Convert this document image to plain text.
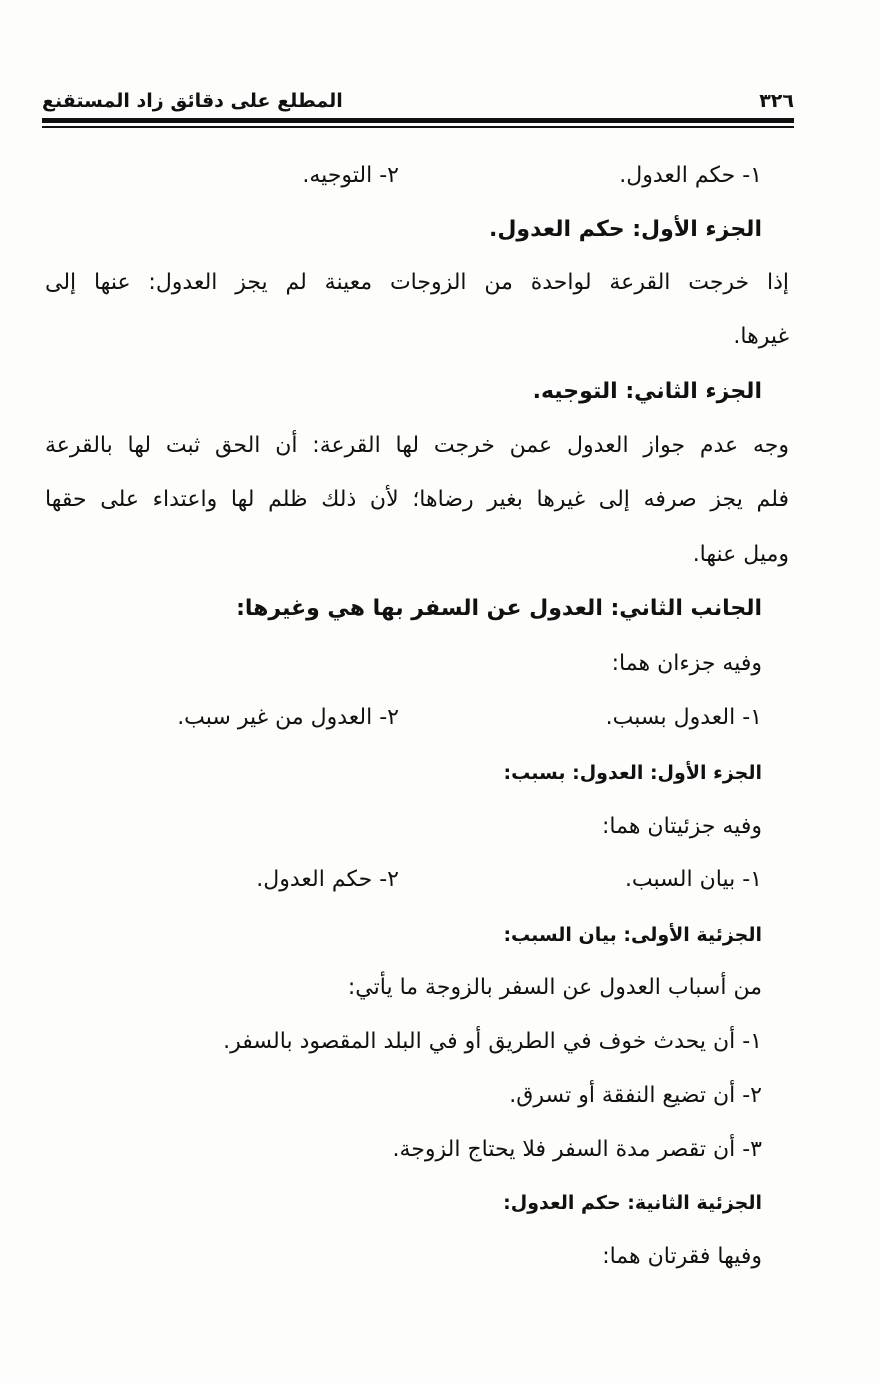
٣٢٦
المطلع على دقائق زاد المستقنع
١- حكم العدول.
٢- التوجيه.
الجزء الأول: حكم العدول.
إذا خرجت القرعة لواحدة من الزوجات معينة لم يجز العدول: عنها إلى
غيرها.
الجزء الثاني: التوجيه.
وجه عدم جواز العدول عمن خرجت لها القرعة: أن الحق ثبت لها بالقرعة
فلم يجز صرفه إلى غيرها بغير رضاها؛ لأن ذلك ظلم لها واعتداء على حقها
وميل عنها.
الجانب الثاني: العدول عن السفر بها هي وغيرها:
وفيه جزءان هما:
١- العدول بسبب.
٢- العدول من غير سبب.
الجزء الأول: العدول: بسبب:
وفيه جزئيتان هما:
١- بيان السبب.
٢- حكم العدول.
الجزئية الأولى: بيان السبب:
من أسباب العدول عن السفر بالزوجة ما يأتي:
١- أن يحدث خوف في الطريق أو في البلد المقصود بالسفر.
٢- أن تضيع النفقة أو تسرق.
٣- أن تقصر مدة السفر فلا يحتاج الزوجة.
الجزئية الثانية: حكم العدول:
وفيها فقرتان هما:
